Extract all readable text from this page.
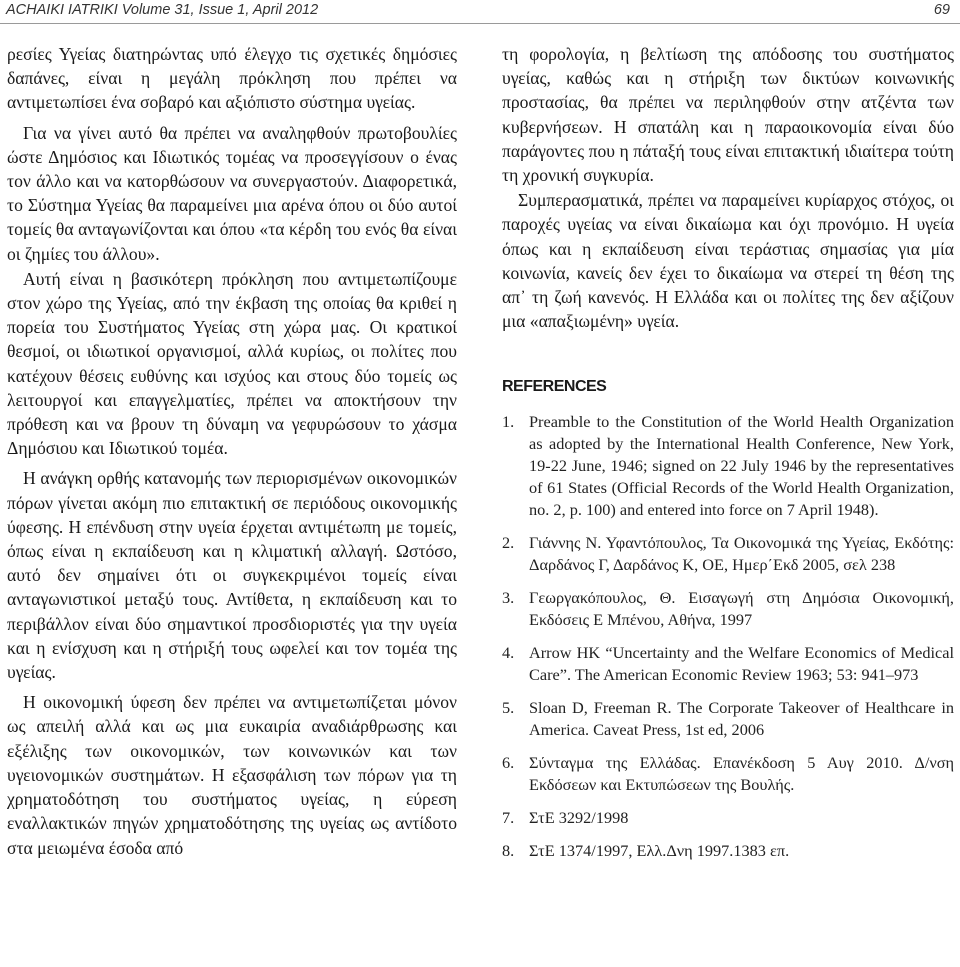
ACHAIKI IATRIKI Volume 31, Issue 1, April 2012	69

ρεσίες Υγείας διατηρώντας υπό έλεγχο τις σχετικές δημόσιες δαπάνες, είναι η μεγάλη πρόκληση που πρέπει να αντιμετωπίσει ένα σοβαρό και αξιόπιστο σύστημα υγείας.

Για να γίνει αυτό θα πρέπει να αναληφθούν πρωτοβουλίες ώστε Δημόσιος και Ιδιωτικός τομέας να προσεγγίσουν ο ένας τον άλλο και να κατορθώσουν να συνεργαστούν. Διαφορετικά, το Σύστημα Υγείας θα παραμείνει μια αρένα όπου οι δύο αυτοί τομείς θα ανταγωνίζονται και όπου «τα κέρδη του ενός θα είναι οι ζημίες του άλλου».

Αυτή είναι η βασικότερη πρόκληση που αντιμετωπίζουμε στον χώρο της Υγείας, από την έκβαση της οποίας θα κριθεί η πορεία του Συστήματος Υγείας στη χώρα μας. Οι κρατικοί θεσμοί, οι ιδιωτικοί οργανισμοί, αλλά κυρίως, οι πολίτες που κατέχουν θέσεις ευθύνης και ισχύος και στους δύο τομείς ως λειτουργοί και επαγγελματίες, πρέπει να αποκτήσουν την πρόθεση και να βρουν τη δύναμη να γεφυρώσουν το χάσμα Δημόσιου και Ιδιωτικού τομέα.

Η ανάγκη ορθής κατανομής των περιορισμένων οικονομικών πόρων γίνεται ακόμη πιο επιτακτική σε περιόδους οικονομικής ύφεσης. Η επένδυση στην υγεία έρχεται αντιμέτωπη με τομείς, όπως είναι η εκπαίδευση και η κλιματική αλλαγή. Ωστόσο, αυτό δεν σημαίνει ότι οι συγκεκριμένοι τομείς είναι ανταγωνιστικοί μεταξύ τους. Αντίθετα, η εκπαίδευση και το περιβάλλον είναι δύο σημαντικοί προσδιοριστές για την υγεία και η ενίσχυση και η στήριξή τους ωφελεί και τον τομέα της υγείας.

Η οικονομική ύφεση δεν πρέπει να αντιμετωπίζεται μόνον ως απειλή αλλά και ως μια ευκαιρία αναδιάρθρωσης και εξέλιξης των οικονομικών, των κοινωνικών και των υγειονομικών συστημάτων. Η εξασφάλιση των πόρων για τη χρηματοδότηση του συστήματος υγείας, η εύρεση εναλλακτικών πηγών χρηματοδότησης της υγείας ως αντίδοτο στα μειωμένα έσοδα από

τη φορολογία, η βελτίωση της απόδοσης του συστήματος υγείας, καθώς και η στήριξη των δικτύων κοινωνικής προστασίας, θα πρέπει να περιληφθούν στην ατζέντα των κυβερνήσεων. Η σπατάλη και η παραοικονομία είναι δύο παράγοντες που η πάταξή τους είναι επιτακτική ιδιαίτερα τούτη τη χρονική συγκυρία.

Συμπερασματικά, πρέπει να παραμείνει κυρίαρχος στόχος, οι παροχές υγείας να είναι δικαίωμα και όχι προνόμιο. Η υγεία όπως και η εκπαίδευση είναι τεράστιας σημασίας για μία κοινωνία, κανείς δεν έχει το δικαίωμα να στερεί τη θέση της απ᾽ τη ζωή κανενός. Η Ελλάδα και οι πολίτες της δεν αξίζουν μια «απαξιωμένη» υγεία.

REFERENCES
1. Preamble to the Constitution of the World Health Organization as adopted by the International Health Conference, New York, 19-22 June, 1946; signed on 22 July 1946 by the representatives of 61 States (Official Records of the World Health Organization, no. 2, p. 100) and entered into force on 7 April 1948).
2. Γιάννης Ν. Υφαντόπουλος, Τα Οικονομικά της Υγείας, Εκδότης: Δαρδάνος Γ, Δαρδάνος Κ, ΟΕ, Ημερ΄Εκδ 2005, σελ 238
3. Γεωργακόπουλος, Θ. Εισαγωγή στη Δημόσια Οικονομική, Εκδόσεις Ε Μπένου, Αθήνα, 1997
4. Arrow HK “Uncertainty and the Welfare Economics of Medical Care”. The American Economic Review 1963; 53: 941–973
5. Sloan D, Freeman R. The Corporate Takeover of Healthcare in America. Caveat Press, 1st ed, 2006
6. Σύνταγμα της Ελλάδας. Επανέκδοση 5 Αυγ 2010. Δ/νση Εκδόσεων και Εκτυπώσεων της Βουλής.
7. ΣτΕ 3292/1998
8. ΣτΕ 1374/1997, Ελλ.Δνη 1997.1383 επ.
